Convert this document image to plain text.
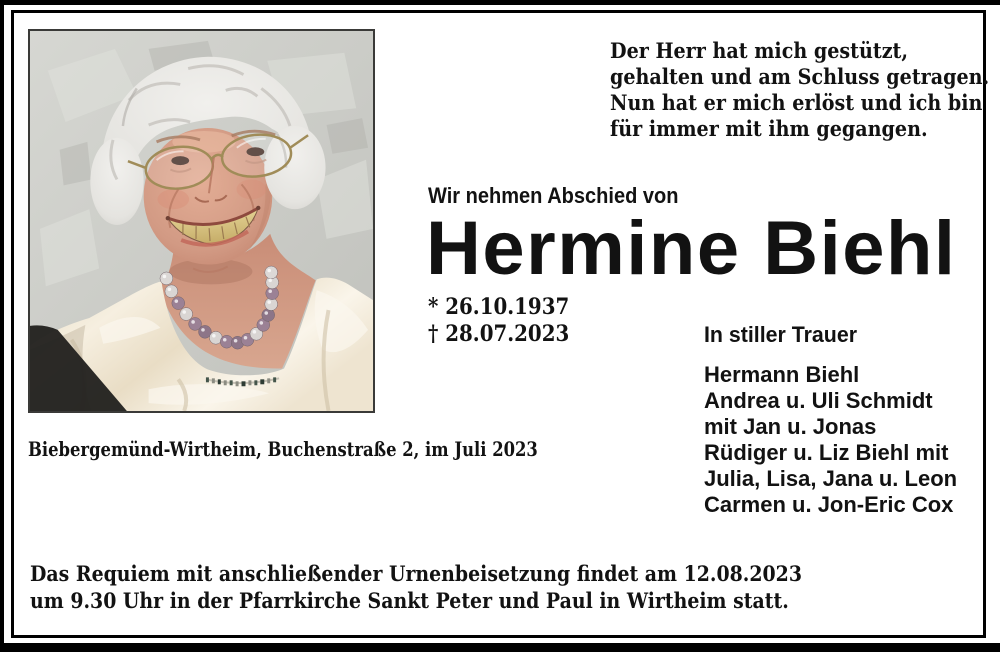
Der Herr hat mich gestützt,
gehalten und am Schluss getragen.
Nun hat er mich erlöst und ich bin
für immer mit ihm gegangen.
Wir nehmen Abschied von
Hermine Biehl
* 26.10.1937
† 28.07.2023	In stiller Trauer
Hermann Biehl
Andrea u. Uli Schmidt
mit Jan u. Jonas
Rüdiger u. Liz Biehl mit
Julia, Lisa, Jana u. Leon
Carmen u. Jon-Eric Cox
Biebergemünd-Wirtheim, Buchenstraße 2, im Juli 2023
Das Requiem mit anschließender Urnenbeisetzung findet am 12.08.2023
um 9.30 Uhr in der Pfarrkirche Sankt Peter und Paul in Wirtheim statt.
